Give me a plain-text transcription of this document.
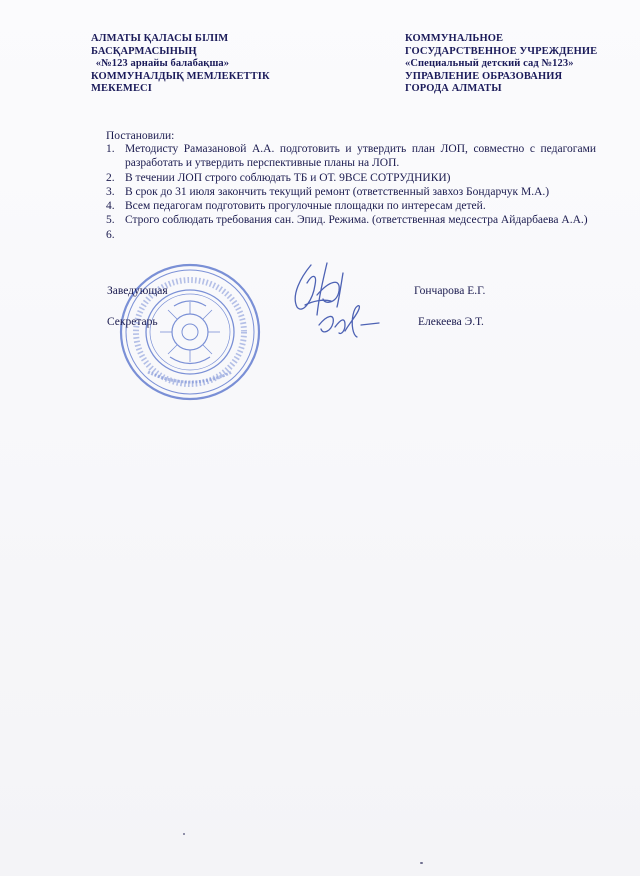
АЛМАТЫ ҚАЛАСЫ БІЛІМ
БАСҚАРМАСЫНЫҢ
«№123 арнайы балабақша»
КОММУНАЛДЫҚ МЕМЛЕКЕТТІК
МЕКЕМЕСІ
КОММУНАЛЬНОЕ
ГОСУДАРСТВЕННОЕ УЧРЕЖДЕНИЕ
«Специальный детский сад №123»
УПРАВЛЕНИЕ ОБРАЗОВАНИЯ
ГОРОДА АЛМАТЫ
Постановили:
1. Методисту Рамазановой А.А. подготовить и утвердить план ЛОП, совместно с педагогами разработать и утвердить перспективные планы на ЛОП.
2. В течении ЛОП строго соблюдать ТБ и ОТ. 9ВСЕ СОТРУДНИКИ)
3. В срок до 31 июля закончить текущий ремонт (ответственный завхоз Бондарчук М.А.)
4. Всем педагогам подготовить прогулочные площадки по интересам детей.
5. Строго соблюдать требования сан. Эпид. Режима. (ответственная медсестра Айдарбаева А.А.)
6.

Заведующая	Гончарова Е.Г.
Секретарь	Елекеева Э.Т.
